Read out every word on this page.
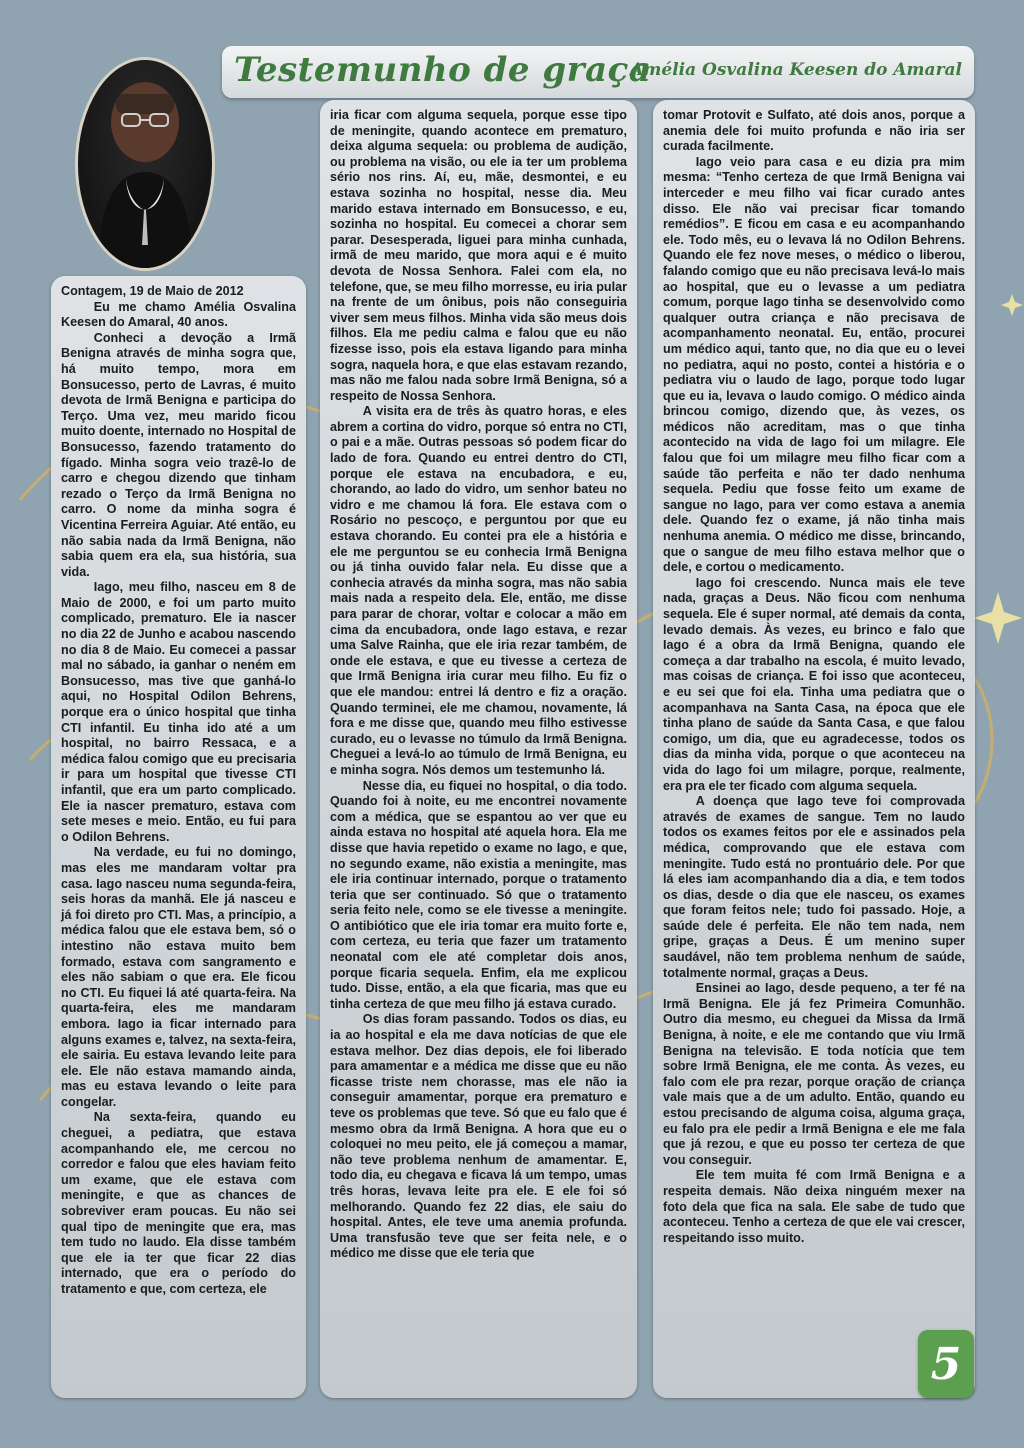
Testemunho de graça
Amélia Osvalina Keesen do Amaral

Contagem, 19 de Maio de 2012

Eu me chamo Amélia Osvalina Keesen do Amaral, 40 anos.

Conheci a devoção a Irmã Benigna através de minha sogra que, há muito tempo, mora em Bonsucesso, perto de Lavras, é muito devota de Irmã Benigna e participa do Terço. Uma vez, meu marido ficou muito doente, internado no Hospital de Bonsucesso, fazendo tratamento do fígado. Minha sogra veio trazê-lo de carro e chegou dizendo que tinham rezado o Terço da Irmã Benigna no carro. O nome da minha sogra é Vicentina Ferreira Aguiar. Até então, eu não sabia nada da Irmã Benigna, não sabia quem era ela, sua história, sua vida.

Iago, meu filho, nasceu em 8 de Maio de 2000, e foi um parto muito complicado, prematuro. Ele ia nascer no dia 22 de Junho e acabou nascendo no dia 8 de Maio. Eu comecei a passar mal no sábado, ia ganhar o neném em Bonsucesso, mas tive que ganhá-lo aqui, no Hospital Odilon Behrens, porque era o único hospital que tinha CTI infantil. Eu tinha ido até a um hospital, no bairro Ressaca, e a médica falou comigo que eu precisaria ir para um hospital que tivesse CTI infantil, que era um parto complicado. Ele ia nascer prematuro, estava com sete meses e meio. Então, eu fui para o Odilon Behrens.

Na verdade, eu fui no domingo, mas eles me mandaram voltar pra casa. Iago nasceu numa segunda-feira, seis horas da manhã. Ele já nasceu e já foi direto pro CTI. Mas, a princípio, a médica falou que ele estava bem, só o intestino não estava muito bem formado, estava com sangramento e eles não sabiam o que era. Ele ficou no CTI. Eu fiquei lá até quarta-feira. Na quarta-feira, eles me mandaram embora. Iago ia ficar internado para alguns exames e, talvez, na sexta-feira, ele sairia. Eu estava levando leite para ele. Ele não estava mamando ainda, mas eu estava levando o leite para congelar.

Na sexta-feira, quando eu cheguei, a pediatra, que estava acompanhando ele, me cercou no corredor e falou que eles haviam feito um exame, que ele estava com meningite, e que as chances de sobreviver eram poucas. Eu não sei qual tipo de meningite que era, mas tem tudo no laudo. Ela disse também que ele ia ter que ficar 22 dias internado, que era o período do tratamento e que, com certeza, ele

iria ficar com alguma sequela, porque esse tipo de meningite, quando acontece em prematuro, deixa alguma sequela: ou problema de audição, ou problema na visão, ou ele ia ter um problema sério nos rins. Aí, eu, mãe, desmontei, e eu estava sozinha no hospital, nesse dia. Meu marido estava internado em Bonsucesso, e eu, sozinha no hospital. Eu comecei a chorar sem parar. Desesperada, liguei para minha cunhada, irmã de meu marido, que mora aqui e é muito devota de Nossa Senhora. Falei com ela, no telefone, que, se meu filho morresse, eu iria pular na frente de um ônibus, pois não conseguiria viver sem meus filhos. Minha vida são meus dois filhos. Ela me pediu calma e falou que eu não fizesse isso, pois ela estava ligando para minha sogra, naquela hora, e que elas estavam rezando, mas não me falou nada sobre Irmã Benigna, só a respeito de Nossa Senhora.

A visita era de três às quatro horas, e eles abrem a cortina do vidro, porque só entra no CTI, o pai e a mãe. Outras pessoas só podem ficar do lado de fora. Quando eu entrei dentro do CTI, porque ele estava na encubadora, e eu, chorando, ao lado do vidro, um senhor bateu no vidro e me chamou lá fora. Ele estava com o Rosário no pescoço, e perguntou por que eu estava chorando. Eu contei pra ele a história e ele me perguntou se eu conhecia Irmã Benigna ou já tinha ouvido falar nela. Eu disse que a conhecia através da minha sogra, mas não sabia mais nada a respeito dela. Ele, então, me disse para parar de chorar, voltar e colocar a mão em cima da encubadora, onde Iago estava, e rezar uma Salve Rainha, que ele iria rezar também, de onde ele estava, e que eu tivesse a certeza de que Irmã Benigna iria curar meu filho. Eu fiz o que ele mandou: entrei lá dentro e fiz a oração. Quando terminei, ele me chamou, novamente, lá fora e me disse que, quando meu filho estivesse curado, eu o levasse no túmulo da Irmã Benigna. Cheguei a levá-lo ao túmulo de Irmã Benigna, eu e minha sogra. Nós demos um testemunho lá.

Nesse dia, eu fiquei no hospital, o dia todo. Quando foi à noite, eu me encontrei novamente com a médica, que se espantou ao ver que eu ainda estava no hospital até aquela hora. Ela me disse que havia repetido o exame no Iago, e que, no segundo exame, não existia a meningite, mas ele iria continuar internado, porque o tratamento teria que ser continuado. Só que o tratamento seria feito nele, como se ele tivesse a meningite. O antibiótico que ele iria tomar era muito forte e, com certeza, eu teria que fazer um tratamento neonatal com ele até completar dois anos, porque ficaria sequela. Enfim, ela me explicou tudo. Disse, então, a ela que ficaria, mas que eu tinha certeza de que meu filho já estava curado.

Os dias foram passando. Todos os dias, eu ia ao hospital e ela me dava notícias de que ele estava melhor. Dez dias depois, ele foi liberado para amamentar e a médica me disse que eu não ficasse triste nem chorasse, mas ele não ia conseguir amamentar, porque era prematuro e teve os problemas que teve. Só que eu falo que é mesmo obra da Irmã Benigna. A hora que eu o coloquei no meu peito, ele já começou a mamar, não teve problema nenhum de amamentar. E, todo dia, eu chegava e ficava lá um tempo, umas três horas, levava leite pra ele. E ele foi só melhorando. Quando fez 22 dias, ele saiu do hospital. Antes, ele teve uma anemia profunda. Uma transfusão teve que ser feita nele, e o médico me disse que ele teria que

tomar Protovit e Sulfato, até dois anos, porque a anemia dele foi muito profunda e não iria ser curada facilmente.

Iago veio para casa e eu dizia pra mim mesma: “Tenho certeza de que Irmã Benigna vai interceder e meu filho vai ficar curado antes disso. Ele não vai precisar ficar tomando remédios”. E ficou em casa e eu acompanhando ele. Todo mês, eu o levava lá no Odilon Behrens. Quando ele fez nove meses, o médico o liberou, falando comigo que eu não precisava levá-lo mais ao hospital, que eu o levasse a um pediatra comum, porque Iago tinha se desenvolvido como qualquer outra criança e não precisava de acompanhamento neonatal. Eu, então, procurei um médico aqui, tanto que, no dia que eu o levei no pediatra, aqui no posto, contei a história e o pediatra viu o laudo de Iago, porque todo lugar que eu ia, levava o laudo comigo. O médico ainda brincou comigo, dizendo que, às vezes, os médicos não acreditam, mas o que tinha acontecido na vida de Iago foi um milagre. Ele falou que foi um milagre meu filho ficar com a saúde tão perfeita e não ter dado nenhuma sequela. Pediu que fosse feito um exame de sangue no Iago, para ver como estava a anemia dele. Quando fez o exame, já não tinha mais nenhuma anemia. O médico me disse, brincando, que o sangue de meu filho estava melhor que o dele, e cortou o medicamento.

Iago foi crescendo. Nunca mais ele teve nada, graças a Deus. Não ficou com nenhuma sequela. Ele é super normal, até demais da conta, levado demais. Às vezes, eu brinco e falo que Iago é a obra da Irmã Benigna, quando ele começa a dar trabalho na escola, é muito levado, mas coisas de criança. E foi isso que aconteceu, e eu sei que foi ela. Tinha uma pediatra que o acompanhava na Santa Casa, na época que ele tinha plano de saúde da Santa Casa, e que falou comigo, um dia, que eu agradecesse, todos os dias da minha vida, porque o que aconteceu na vida do Iago foi um milagre, porque, realmente, era pra ele ter ficado com alguma sequela.

A doença que Iago teve foi comprovada através de exames de sangue. Tem no laudo todos os exames feitos por ele e assinados pela médica, comprovando que ele estava com meningite. Tudo está no prontuário dele. Por que lá eles iam acompanhando dia a dia, e tem todos os dias, desde o dia que ele nasceu, os exames que foram feitos nele; tudo foi passado. Hoje, a saúde dele é perfeita. Ele não tem nada, nem gripe, graças a Deus. É um menino super saudável, não tem problema nenhum de saúde, totalmente normal, graças a Deus.

Ensinei ao Iago, desde pequeno, a ter fé na Irmã Benigna. Ele já fez Primeira Comunhão. Outro dia mesmo, eu cheguei da Missa da Irmã Benigna, à noite, e ele me contando que viu Irmã Benigna na televisão. E toda notícia que tem sobre Irmã Benigna, ele me conta. Às vezes, eu falo com ele pra rezar, porque oração de criança vale mais que a de um adulto. Então, quando eu estou precisando de alguma coisa, alguma graça, eu falo pra ele pedir a Irmã Benigna e ele me fala que já rezou, e que eu posso ter certeza de que vou conseguir.

Ele tem muita fé com Irmã Benigna e a respeita demais. Não deixa ninguém mexer na foto dela que fica na sala. Ele sabe de tudo que aconteceu. Tenho a certeza de que ele vai crescer, respeitando isso muito.

5
